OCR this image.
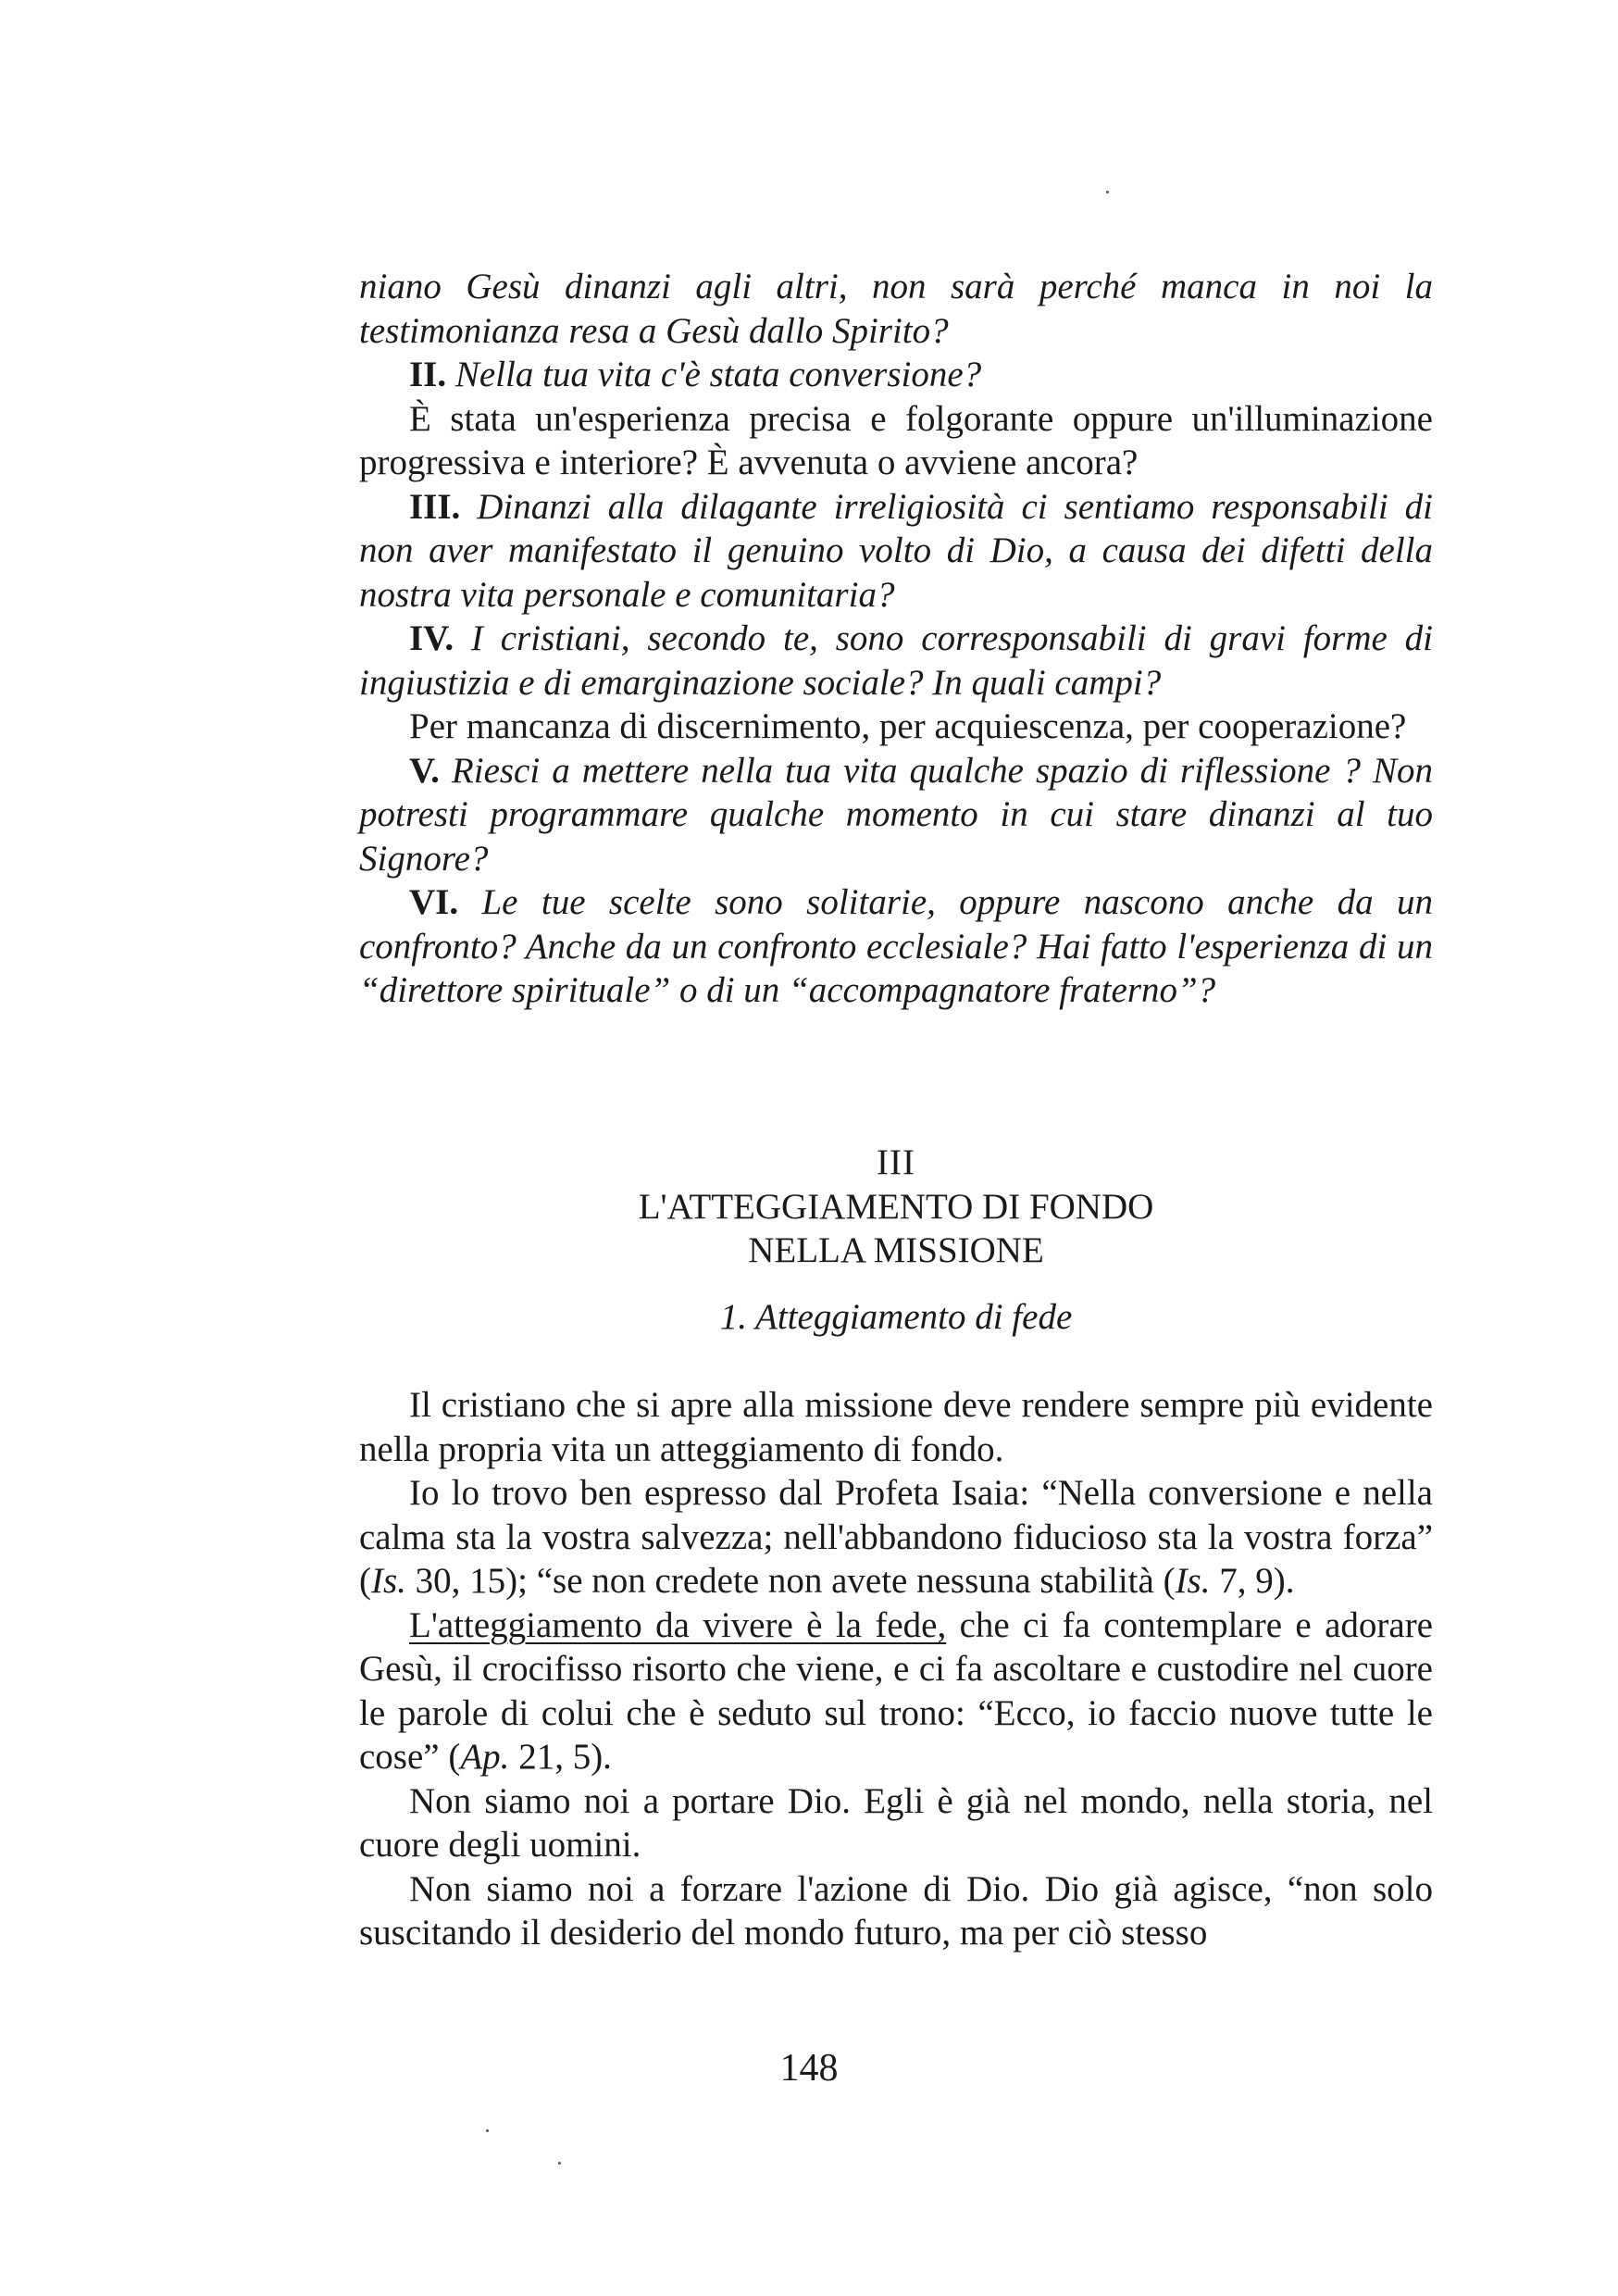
niano Gesù dinanzi agli altri, non sarà perché manca in noi la testimonianza resa a Gesù dallo Spirito?

II. Nella tua vita c'è stata conversione?

È stata un'esperienza precisa e folgorante oppure un'illuminazione progressiva e interiore? È avvenuta o avviene ancora?

III. Dinanzi alla dilagante irreligiosità ci sentiamo responsabili di non aver manifestato il genuino volto di Dio, a causa dei difetti della nostra vita personale e comunitaria?

IV. I cristiani, secondo te, sono corresponsabili di gravi forme di ingiustizia e di emarginazione sociale? In quali campi?

Per mancanza di discernimento, per acquiescenza, per cooperazione?

V. Riesci a mettere nella tua vita qualche spazio di riflessione ? Non potresti programmare qualche momento in cui stare dinanzi al tuo Signore?

VI. Le tue scelte sono solitarie, oppure nascono anche da un confronto? Anche da un confronto ecclesiale? Hai fatto l'esperienza di un “direttore spirituale” o di un “accompagnatore fraterno”?

III
L'ATTEGGIAMENTO DI FONDO
NELLA MISSIONE
1. Atteggiamento di fede

Il cristiano che si apre alla missione deve rendere sempre più evidente nella propria vita un atteggiamento di fondo.

Io lo trovo ben espresso dal Profeta Isaia: “Nella conversione e nella calma sta la vostra salvezza; nell'abbandono fiducioso sta la vostra forza” (Is. 30, 15); “se non credete non avete nessuna stabilità (Is. 7, 9).

L'atteggiamento da vivere è la fede, che ci fa contemplare e adorare Gesù, il crocifisso risorto che viene, e ci fa ascoltare e custodire nel cuore le parole di colui che è seduto sul trono: “Ecco, io faccio nuove tutte le cose” (Ap. 21, 5).

Non siamo noi a portare Dio. Egli è già nel mondo, nella storia, nel cuore degli uomini.

Non siamo noi a forzare l'azione di Dio. Dio già agisce, “non solo suscitando il desiderio del mondo futuro, ma per ciò stesso

148
